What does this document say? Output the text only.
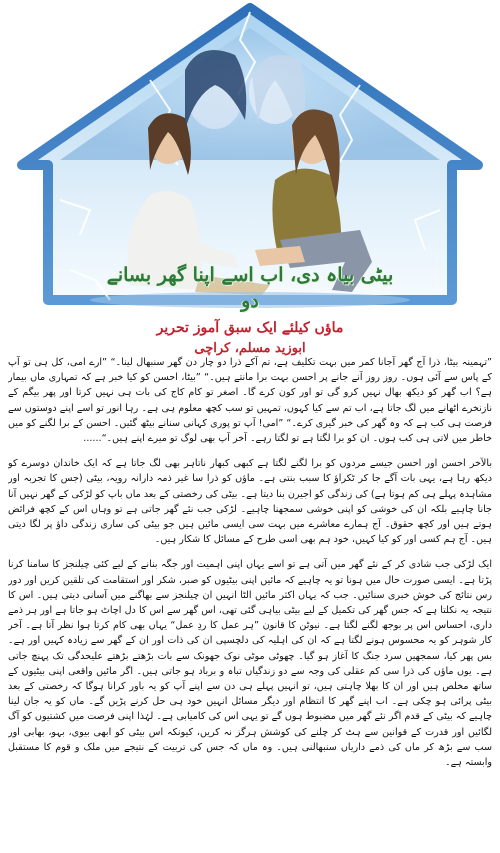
بیٹی بیاہ دی، اب اسے اپنا گھر بسانے دو
ماؤں کیلئے ایک سبق آموز تحریر
ابوزید مسلم، کراچی

”تہمینہ بیٹا، ذرا آج گھر آجانا کمر میں بہت تکلیف ہے، تم آکے ذرا دو چار دن گھر سنبھال لینا۔“ ”ارے امی، کل ہی تو آپ کے پاس سے آئی ہوں۔ روز روز آنے جانے پر احسن بہت برا مانتے ہیں۔“ ”بیٹا، احسن کو کیا خبر ہے کہ تمہاری ماں بیمار ہے؟ اب گھر کو دیکھ بھال نہیں کرو گی تو اور کون کرے گا۔ اصغر تو کام کاج کی بات ہی نہیں کرتا اور پھر بیگم کے نازنخرے اٹھانے میں لگ جاتا ہے، اب تم سے کیا کہوں، تمہیں تو سب کچھ معلوم ہی ہے۔ رہا انور تو اسے اپنے دوستوں سے فرصت ہی کب ہے کہ وہ گھر کی خبر گیری کرے۔“ ”امی! آپ تو پوری کہانی سنانے بیٹھ گئیں۔ احسن کے برا لگنے کو میں خاطر میں لاتی ہی کب ہوں۔ ان کو برا لگتا ہے تو لگتا رہے۔ آخر آپ بھی لوگ تو میرے اپنے ہیں۔“......

بالآخر احسن اور احسن جیسے مردوں کو برا لگنے لگتا ہے کبھی کبھار ناتاہر بھی لگ جاتا ہے کہ ایک خاندان دوسرے کو دیکھ رہا ہے، یہی بات آگے جا کر ٹکراؤ کا سبب بنتی ہے۔ ماؤں کو ذرا سا غیر ذمہ دارانہ رویہ، بیٹی (جس کا تجربہ اور مشاہدہ پہلے ہی کم ہوتا ہے) کی زندگی کو اجیرن بنا دیتا ہے۔ بیٹی کی رخصتی کے بعد ماں باپ کو لڑکی کے گھر نہیں آنا جانا چاہیے بلکہ ان کی خوشی کو اپنی خوشی سمجھنا چاہیے۔ لڑکی جب نئے گھر جاتی ہے تو وہاں اس کے کچھ فرائض ہوتے ہیں اور کچھ حقوق۔ آج ہمارے معاشرے میں بہت سی ایسی مائیں ہیں جو بیٹی کی ساری زندگی داؤ پر لگا دیتی ہیں۔ آج ہم کسی اور کو کیا کہیں، خود ہم بھی اسی طرح کے مسائل کا شکار ہیں۔

ایک لڑکی جب شادی کر کے نئے گھر میں آتی ہے تو اسے یہاں اپنی اہمیت اور جگہ بنانے کے لیے کئی چیلنجز کا سامنا کرنا پڑتا ہے۔ ایسی صورت حال میں ہونا تو یہ چاہیے کہ مائیں اپنی بیٹیوں کو صبر، شکر اور استقامت کی تلقین کریں اور دور رس نتائج کی خوش خبری سنائیں۔ جب کہ یہاں اکثر مائیں الٹا انہیں ان چیلنجز سے بھاگنے میں آسانی دیتی ہیں۔ اس کا نتیجہ یہ نکلتا ہے کہ جس گھر کی تکمیل کے لیے بیٹی بیاہی گئی تھی، اس گھر سے اس کا دل اچاٹ ہو جاتا ہے اور ہر ذمے داری، احساس اس پر بوجھ لگنے لگتا ہے۔ نیوٹن کا قانون ”ہر عمل کا ردِ عمل“ یہاں بھی کام کرتا ہوا نظر آتا ہے۔ آخر کار شوہر کو یہ محسوس ہونے لگتا ہے کہ ان کی اہلیہ کی دلچسپی ان کی ذات اور ان کے گھر سے زیادہ کہیں اور ہے۔ بس پھر کیا، سمجھیں سرد جنگ کا آغاز ہو گیا۔ چھوٹی موٹی نوک جھونک سے بات بڑھتے بڑھتے علیحدگی تک پہنچ جاتی ہے۔ یوں ماؤں کی ذرا سی کم عقلی کی وجہ سے دو زندگیاں تباہ و برباد ہو جاتی ہیں۔ اگر مائیں واقعی اپنی بیٹیوں کے ساتھ مخلص ہیں اور ان کا بھلا چاہتی ہیں، تو انہیں پہلے ہی دن سے اپنے آپ کو یہ باور کرانا ہوگا کہ رخصتی کے بعد بیٹی پرائی ہو چکی ہے۔ اب اپنے گھر کا انتظام اور دیگر مسائل انہیں خود ہی حل کرنے پڑیں گے۔ ماں کو یہ جان لینا چاہیے کہ بیٹی کے قدم اگر نئے گھر میں مضبوط ہوں گے تو یہی اس کی کامیابی ہے۔ لہٰذا اپنی فرصت میں کشتیوں کو آگ لگائیں اور قدرت کے قوانین سے ہٹ کر چلنے کی کوشش ہرگز نہ کریں، کیونکہ اس بیٹی کو ابھی بیوی، بہو، بھابی اور سب سے بڑھ کر ماں کی ذمے داریاں سنبھالنی ہیں۔ وہ ماں کہ جس کی تربیت کے نتیجے میں ملک و قوم کا مستقبل وابستہ ہے۔
